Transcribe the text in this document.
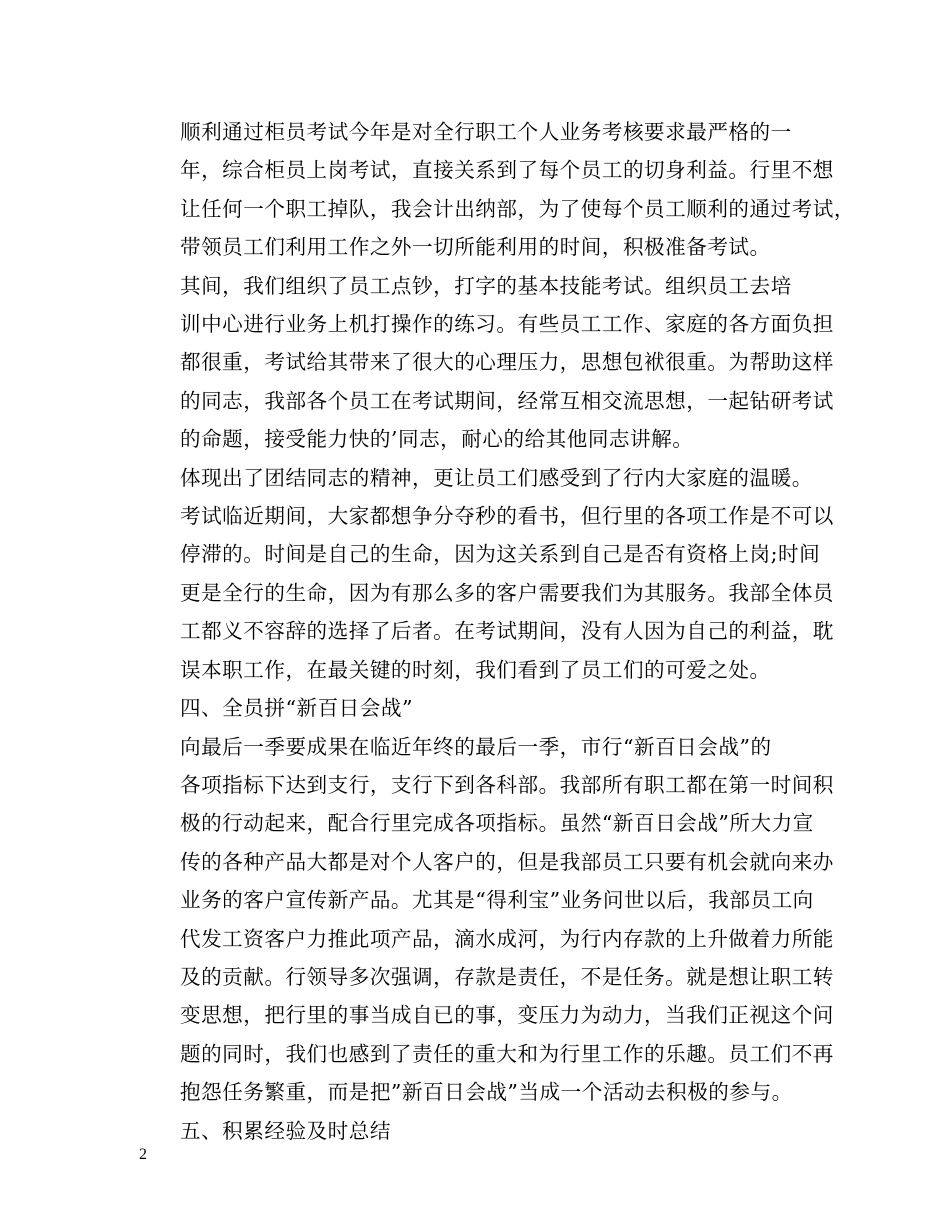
顺利通过柜员考试今年是对全行职工个人业务考核要求最严格的一
年，综合柜员上岗考试，直接关系到了每个员工的切身利益。行里不想
让任何一个职工掉队，我会计出纳部，为了使每个员工顺利的通过考试，
带领员工们利用工作之外一切所能利用的时间，积极准备考试。

其间，我们组织了员工点钞，打字的基本技能考试。组织员工去培
训中心进行业务上机打操作的练习。有些员工工作、家庭的各方面负担
都很重，考试给其带来了很大的心理压力，思想包袱很重。为帮助这样
的同志，我部各个员工在考试期间，经常互相交流思想，一起钻研考试
的命题，接受能力快的’同志，耐心的给其他同志讲解。

体现出了团结同志的精神，更让员工们感受到了行内大家庭的温暖。
考试临近期间，大家都想争分夺秒的看书，但行里的各项工作是不可以
停滞的。时间是自己的生命，因为这关系到自己是否有资格上岗;时间
更是全行的生命，因为有那么多的客户需要我们为其服务。我部全体员
工都义不容辞的选择了后者。在考试期间，没有人因为自己的利益，耽
误本职工作，在最关键的时刻，我们看到了员工们的可爱之处。

四、全员拼“新百日会战”

向最后一季要成果在临近年终的最后一季，市行“新百日会战”的
各项指标下达到支行，支行下到各科部。我部所有职工都在第一时间积
极的行动起来，配合行里完成各项指标。虽然“新百日会战”所大力宣
传的各种产品大都是对个人客户的，但是我部员工只要有机会就向来办
业务的客户宣传新产品。尤其是“得利宝”业务问世以后，我部员工向
代发工资客户力推此项产品，滴水成河，为行内存款的上升做着力所能
及的贡献。行领导多次强调，存款是责任，不是任务。就是想让职工转
变思想，把行里的事当成自已的事，变压力为动力，当我们正视这个问
题的同时，我们也感到了责任的重大和为行里工作的乐趣。员工们不再
抱怨任务繁重，而是把”新百日会战”当成一个活动去积极的参与。

五、积累经验及时总结

2
